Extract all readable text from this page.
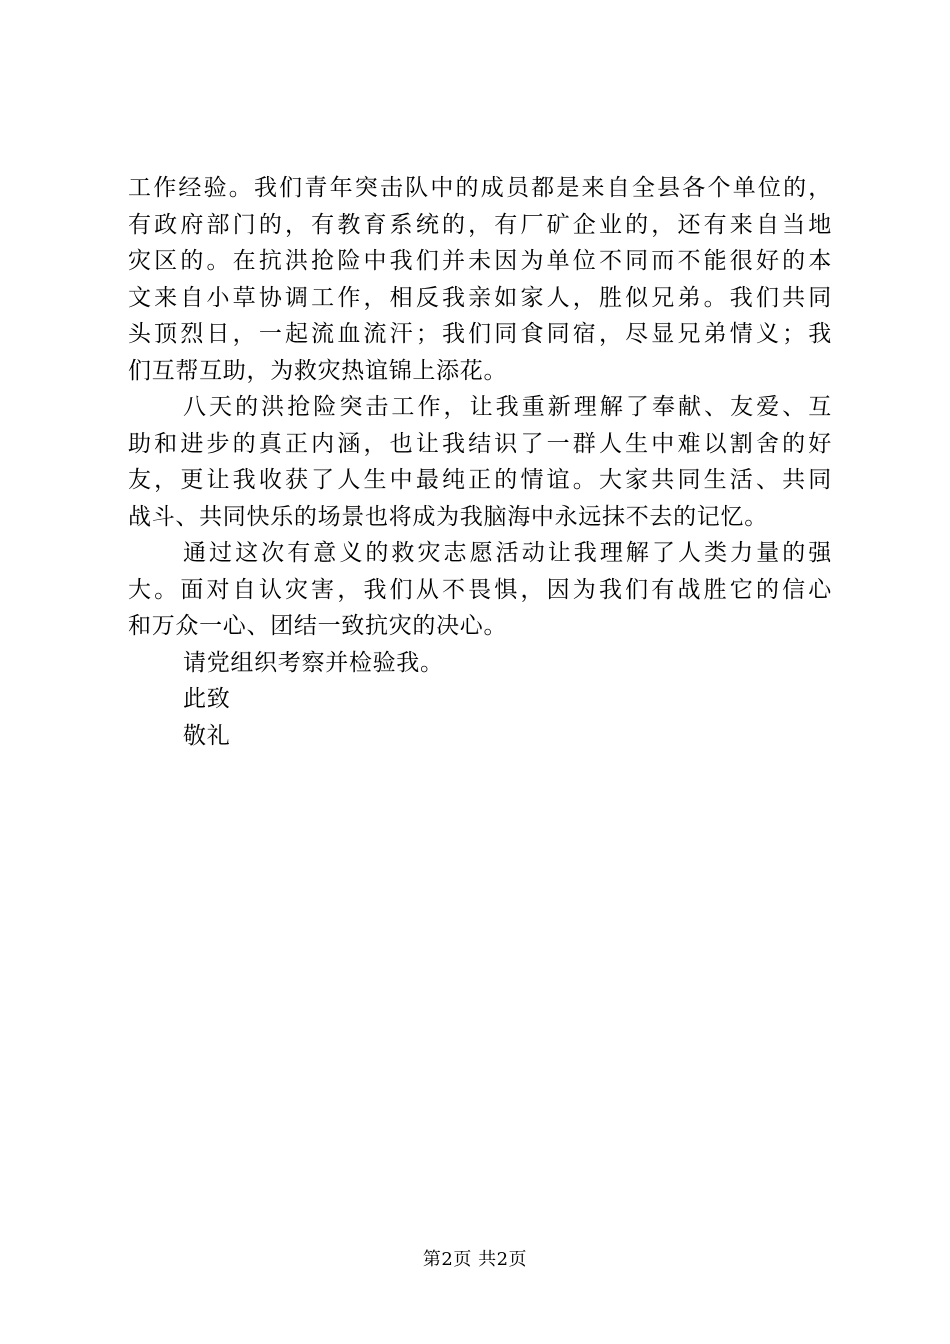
工作经验。我们青年突击队中的成员都是来自全县各个单位的，
有政府部门的，有教育系统的，有厂矿企业的，还有来自当地
灾区的。在抗洪抢险中我们并未因为单位不同而不能很好的本
文来自小草协调工作，相反我亲如家人，胜似兄弟。我们共同
头顶烈日，一起流血流汗；我们同食同宿，尽显兄弟情义；我
们互帮互助，为救灾热谊锦上添花。
八天的洪抢险突击工作，让我重新理解了奉献、友爱、互
助和进步的真正内涵，也让我结识了一群人生中难以割舍的好
友，更让我收获了人生中最纯正的情谊。大家共同生活、共同
战斗、共同快乐的场景也将成为我脑海中永远抹不去的记忆。
通过这次有意义的救灾志愿活动让我理解了人类力量的强
大。面对自认灾害，我们从不畏惧，因为我们有战胜它的信心
和万众一心、团结一致抗灾的决心。
请党组织考察并检验我。
此致
敬礼
第2页 共2页
